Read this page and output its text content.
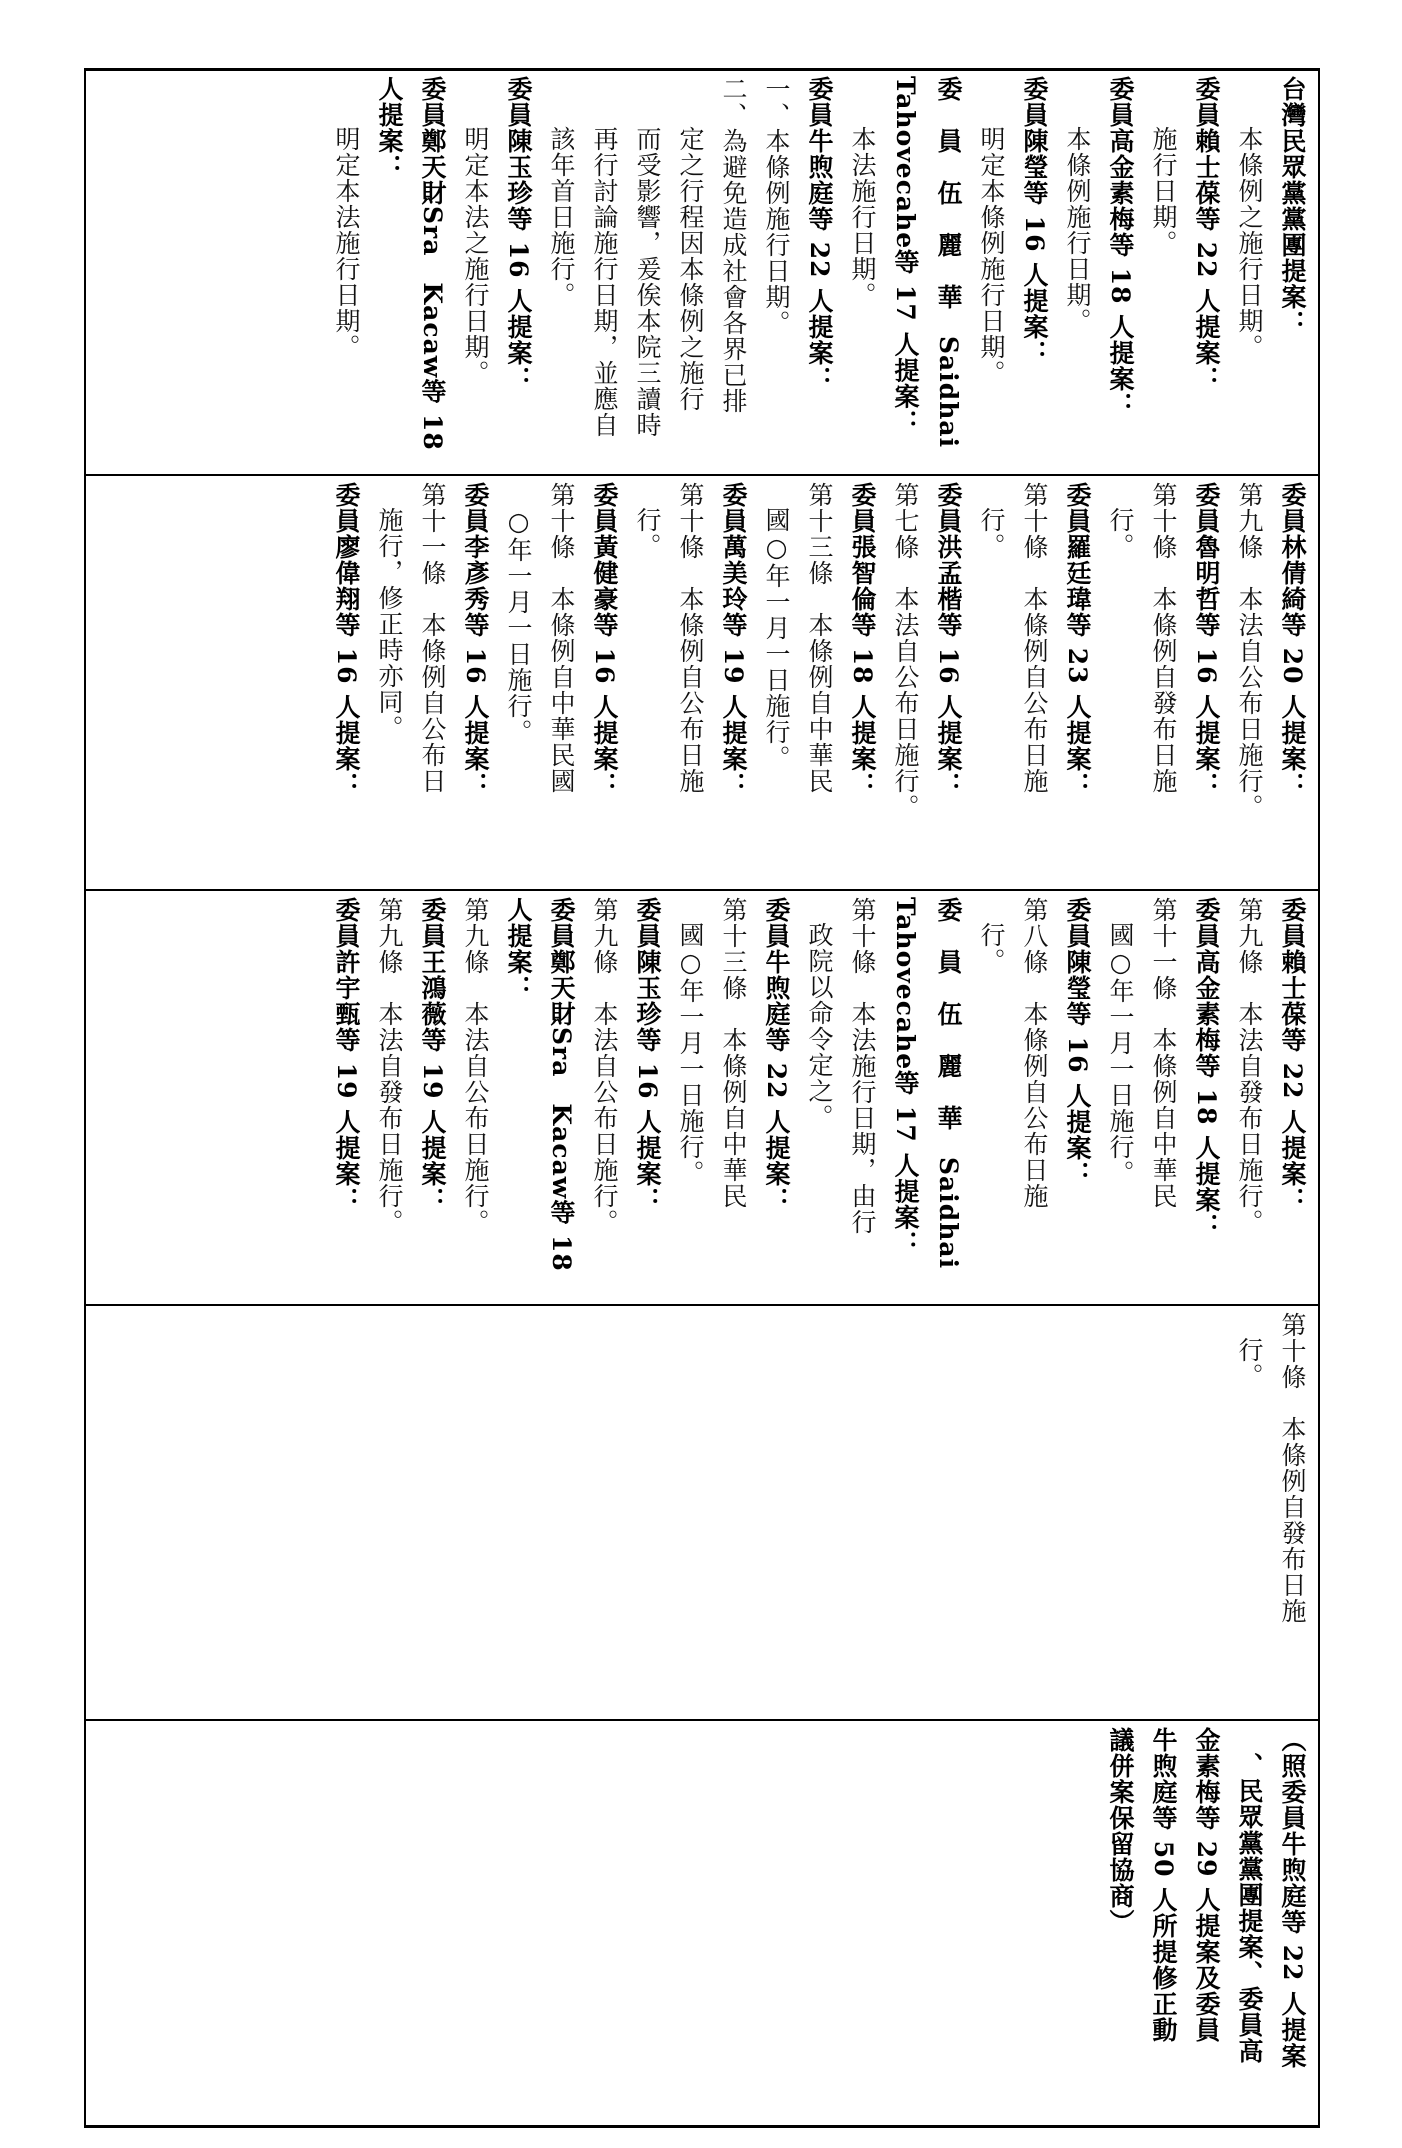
台灣民眾黨黨團提案：
本條例之施行日期。
委員賴士葆等 22 人提案：
施行日期。
委員高金素梅等 18 人提案：
本條例施行日期。
委員陳瑩等 16 人提案：
明定本條例施行日期。
委　員　伍　麗　華　Saidhai
Tahovecahe等 17 人提案：
本法施行日期。
委員牛煦庭等 22 人提案：
一、本條例施行日期。
二、為避免造成社會各界已排
定之行程因本條例之施行
而受影響，爰俟本院三讀時
再行討論施行日期，並應自
該年首日施行。
委員陳玉珍等 16 人提案：
明定本法之施行日期。
委員鄭天財Sra　Kacaw等 18
人提案：
明定本法施行日期。
委員林倩綺等 20 人提案：
第九條　本法自公布日施行。
委員魯明哲等 16 人提案：
第十條　本條例自發布日施
行。
委員羅廷瑋等 23 人提案：
第十條　本條例自公布日施
行。
委員洪孟楷等 16 人提案：
第七條　本法自公布日施行。
委員張智倫等 18 人提案：
第十三條　本條例自中華民
國○年一月一日施行。
委員萬美玲等 19 人提案：
第十條　本條例自公布日施
行。
委員黃健豪等 16 人提案：
第十條　本條例自中華民國
○年一月一日施行。
委員李彥秀等 16 人提案：
第十一條　本條例自公布日
施行，修正時亦同。
委員廖偉翔等 16 人提案：
委員賴士葆等 22 人提案：
第九條　本法自發布日施行。
委員高金素梅等 18 人提案：
第十一條　本條例自中華民
國○年一月一日施行。
委員陳瑩等 16 人提案：
第八條　本條例自公布日施
行。
委　員　伍　麗　華　Saidhai
Tahovecahe等 17 人提案：
第十條　本法施行日期，由行
政院以命令定之。
委員牛煦庭等 22 人提案：
第十三條　本條例自中華民
國○年一月一日施行。
委員陳玉珍等 16 人提案：
第九條　本法自公布日施行。
委員鄭天財Sra　Kacaw等 18
人提案：
第九條　本法自公布日施行。
委員王鴻薇等 19 人提案：
第九條　本法自發布日施行。
委員許宇甄等 19 人提案：
第十條　本條例自發布日施
行。
（照委員牛煦庭等 22 人提案
、民眾黨黨團提案、委員高
金素梅等 29 人提案及委員
牛煦庭等 50 人所提修正動
議併案保留協商）
